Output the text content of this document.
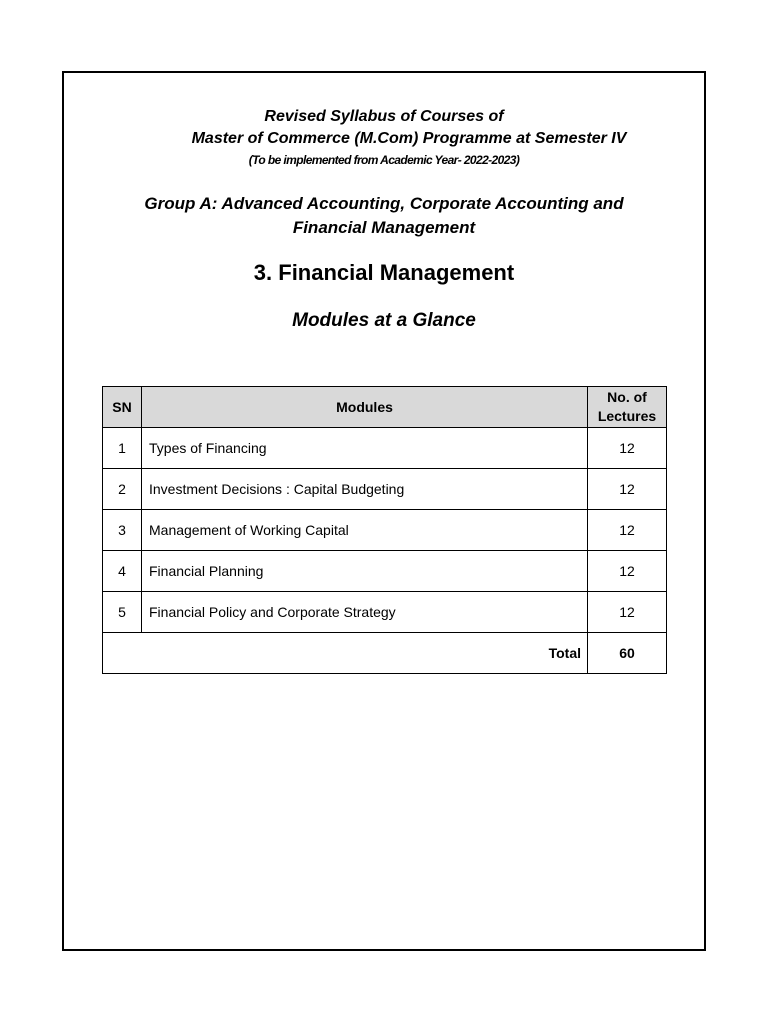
Revised Syllabus of Courses of
Master of Commerce (M.Com) Programme at Semester IV
(To be implemented from Academic Year- 2022-2023)
Group A: Advanced Accounting, Corporate Accounting and
Financial Management
3. Financial Management
Modules at a Glance
SN	Modules	No. of
Lectures

1	Types of Financing	12
2	Investment Decisions : Capital Budgeting	12
3	Management of Working Capital	12
4	Financial Planning	12
5	Financial Policy and Corporate Strategy	12
Total		60
